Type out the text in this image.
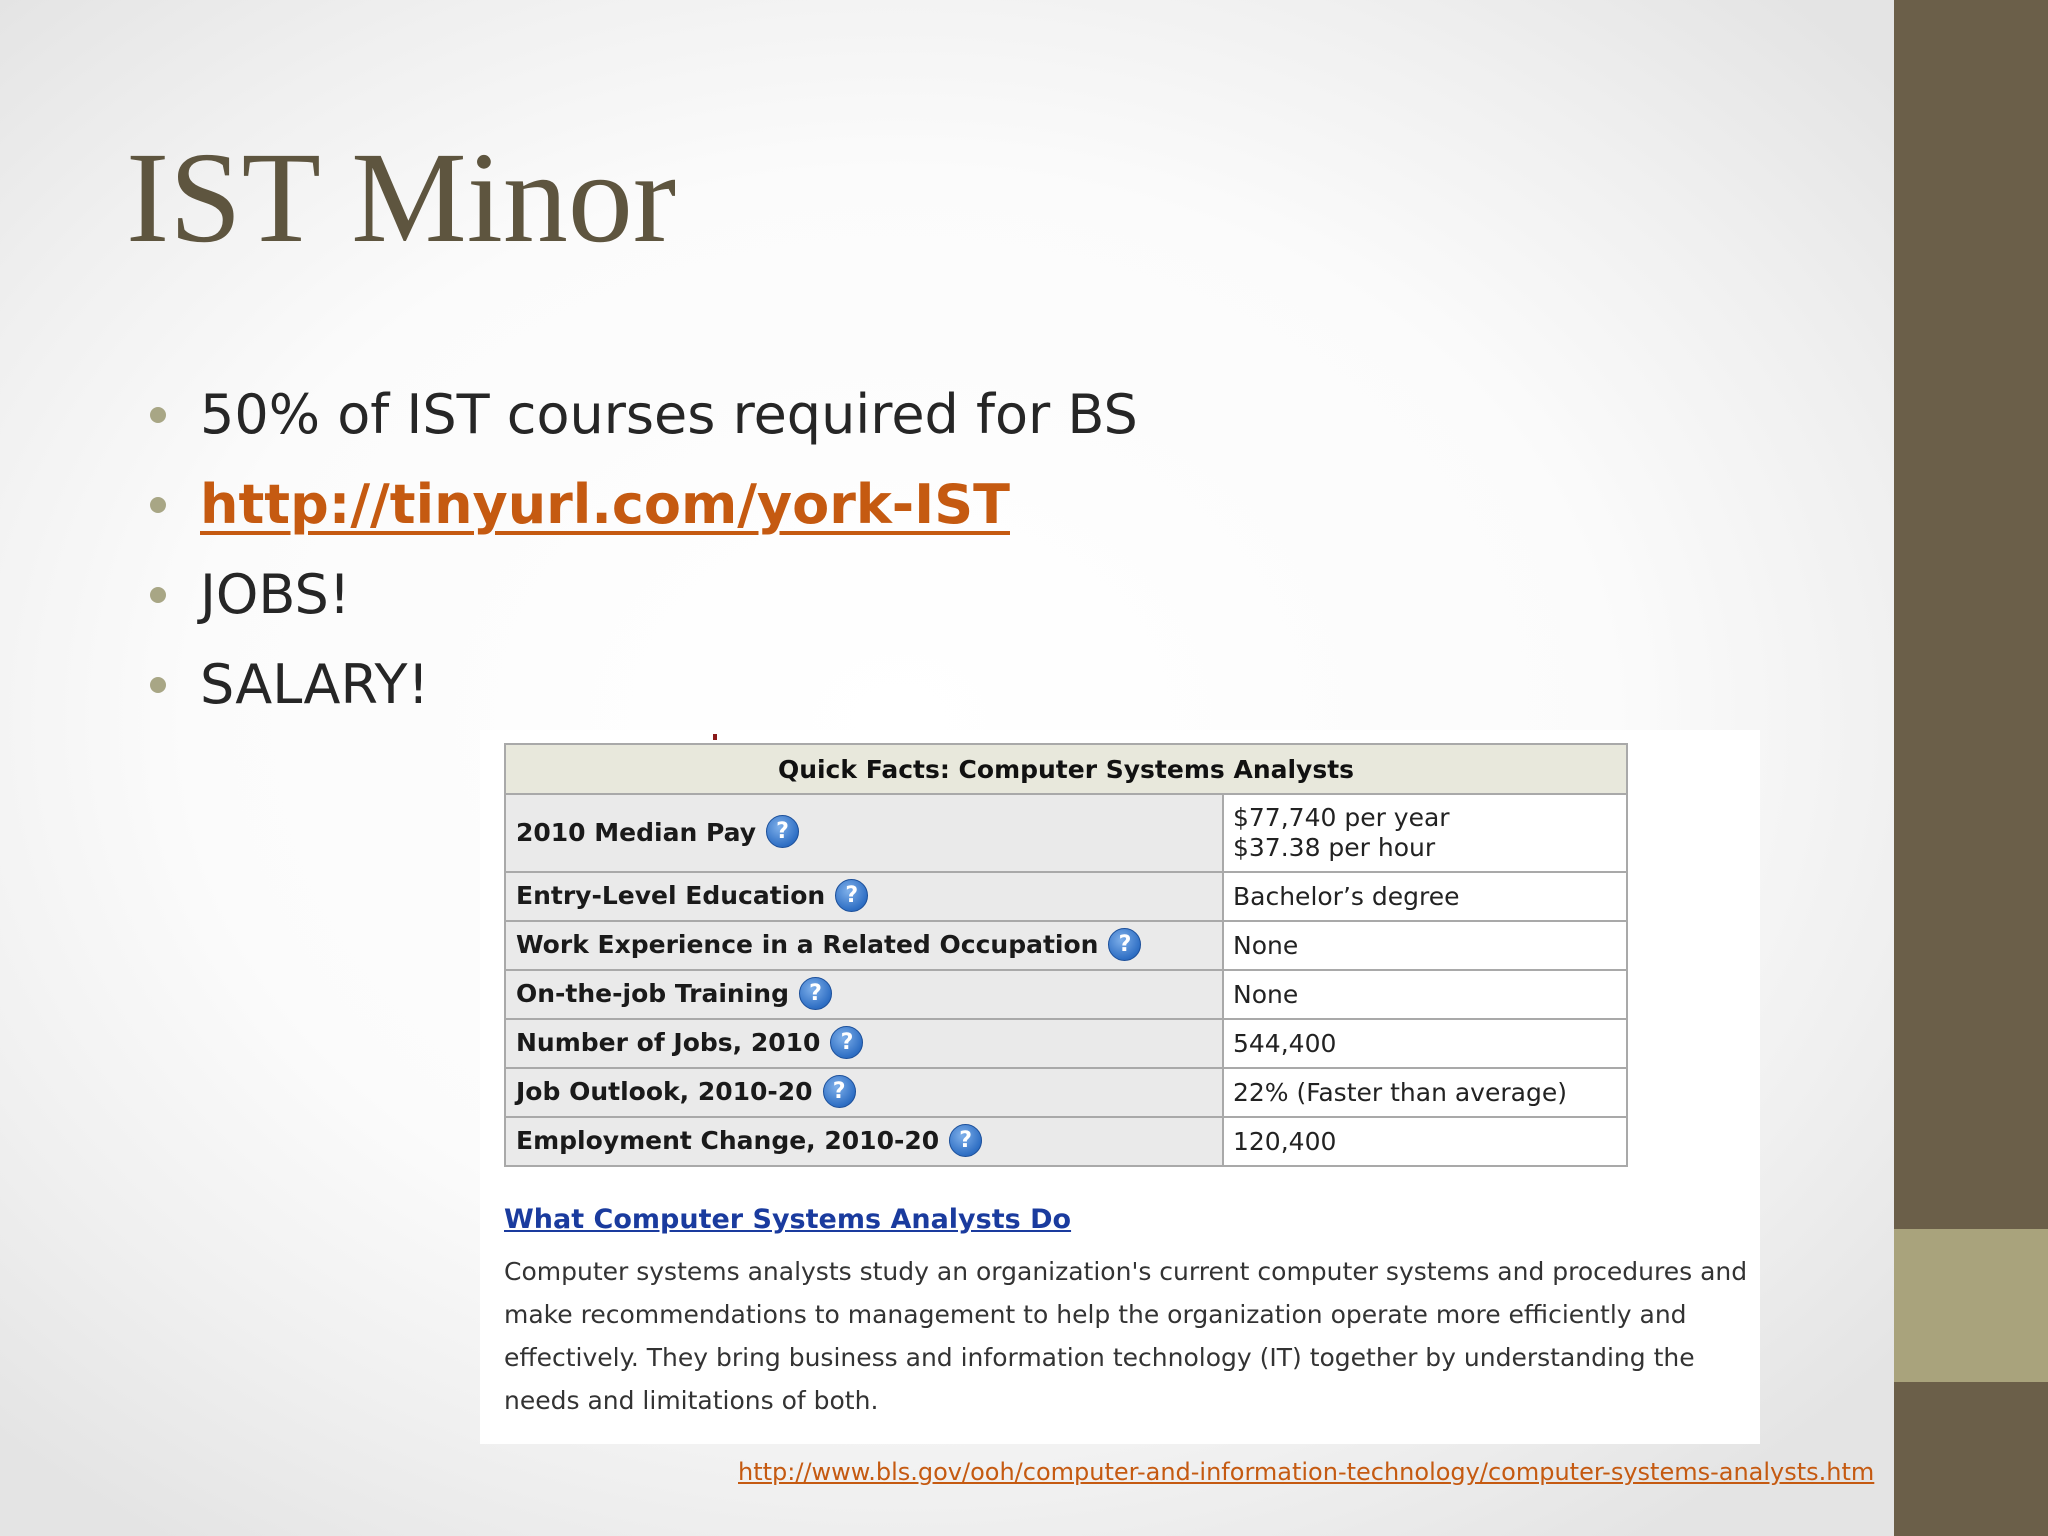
IST Minor
50% of IST courses required for BS
http://tinyurl.com/york-IST
JOBS!
SALARY!
Quick Facts: Computer Systems Analysts	
2010 Median Pay ?	$77,740 per year
$37.38 per hour

Entry-Level Education ?	Bachelor’s degree
Work Experience in a Related Occupation ?	None
On-the-job Training ?	None
Number of Jobs, 2010 ?	544,400
Job Outlook, 2010-20 ?	22% (Faster than average)
Employment Change, 2010-20 ?	120,400
What Computer Systems Analysts Do

Computer systems analysts study an organization's current computer systems and procedures and make recommendations to management to help the organization operate more efficiently and effectively. They bring business and information technology (IT) together by understanding the needs and limitations of both.

http://www.bls.gov/ooh/computer-and-information-technology/computer-systems-analysts.htm
